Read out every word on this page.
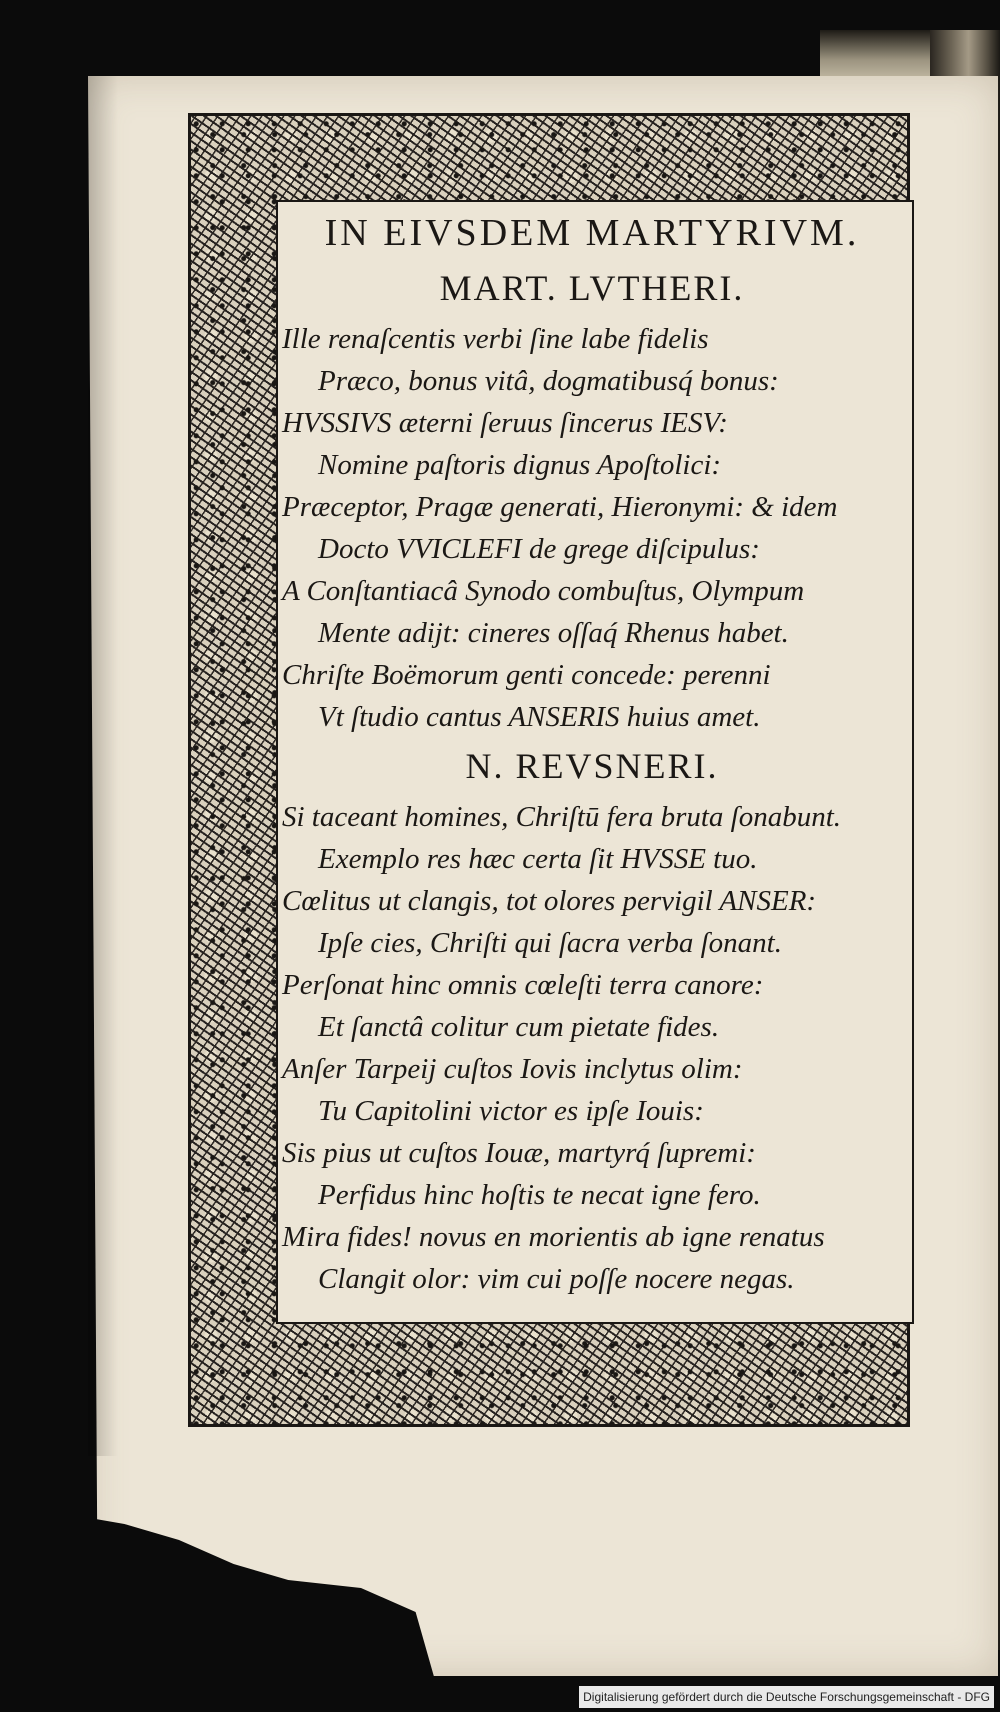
IN EIVSDEM MARTYRIVM.
MART. LVTHERI.
Ille renaſcentis verbi ſine labe fidelis
Præco, bonus vitâ, dogmatibusq́ bonus:
HVSSIVS æterni ſeruus ſincerus IESV:
Nomine paſtoris dignus Apoſtolici:
Præceptor, Pragæ generati, Hieronymi: & idem
Docto VVICLEFI de grege diſcipulus:
A Conſtantiacâ Synodo combuſtus, Olympum
Mente adijt: cineres oſſaq́ Rhenus habet.
Chriſte Boëmorum genti concede: perenni
Vt ſtudio cantus ANSERIS huius amet.
N. REVSNERI.
Si taceant homines, Chriſtū fera bruta ſonabunt.
Exemplo res hæc certa ſit HVSSE tuo.
Cœlitus ut clangis, tot olores pervigil ANSER:
Ipſe cies, Chriſti qui ſacra verba ſonant.
Perſonat hinc omnis cœleſti terra canore:
Et ſanctâ colitur cum pietate fides.
Anſer Tarpeij cuſtos Iovis inclytus olim:
Tu Capitolini victor es ipſe Iouis:
Sis pius ut cuſtos Iouæ, martyrq́ ſupremi:
Perfidus hinc hoſtis te necat igne fero.
Mira fides! novus en morientis ab igne renatus
Clangit olor: vim cui poſſe nocere negas.
Digitalisierung gefördert durch die Deutsche Forschungsgemeinschaft - DFG
